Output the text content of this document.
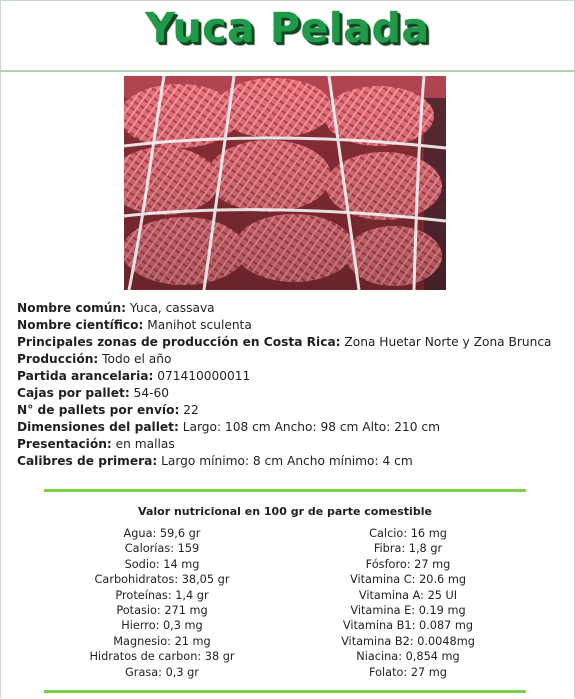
Yuca Pelada
Nombre común: Yuca, cassava
Nombre científico: Manihot sculenta
Principales zonas de producción en Costa Rica: Zona Huetar Norte y Zona Brunca
Producción: Todo el año
Partida arancelaria: 071410000011
Cajas por pallet: 54-60
N° de pallets por envío: 22
Dimensiones del pallet: Largo: 108 cm Ancho: 98 cm Alto: 210 cm
Presentación: en mallas
Calibres de primera: Largo mínimo: 8 cm Ancho mínimo: 4 cm
Valor nutricional en 100 gr de parte comestible
Agua: 59,6 gr
Calorías: 159
Sodio: 14 mg
Carbohidratos: 38,05 gr
Proteínas: 1,4 gr
Potasio: 271 mg
Hierro: 0,3 mg
Magnesio: 21 mg
Hidratos de carbon: 38 gr
Grasa: 0,3 gr
Calcio: 16 mg
Fibra: 1,8 gr
Fósforo: 27 mg
Vitamina C: 20.6 mg
Vitamina A: 25 UI
Vitamina E: 0.19 mg
Vitamina B1: 0.087 mg
Vitamina B2: 0.0048mg
Niacina: 0,854 mg
Folato: 27 mg
